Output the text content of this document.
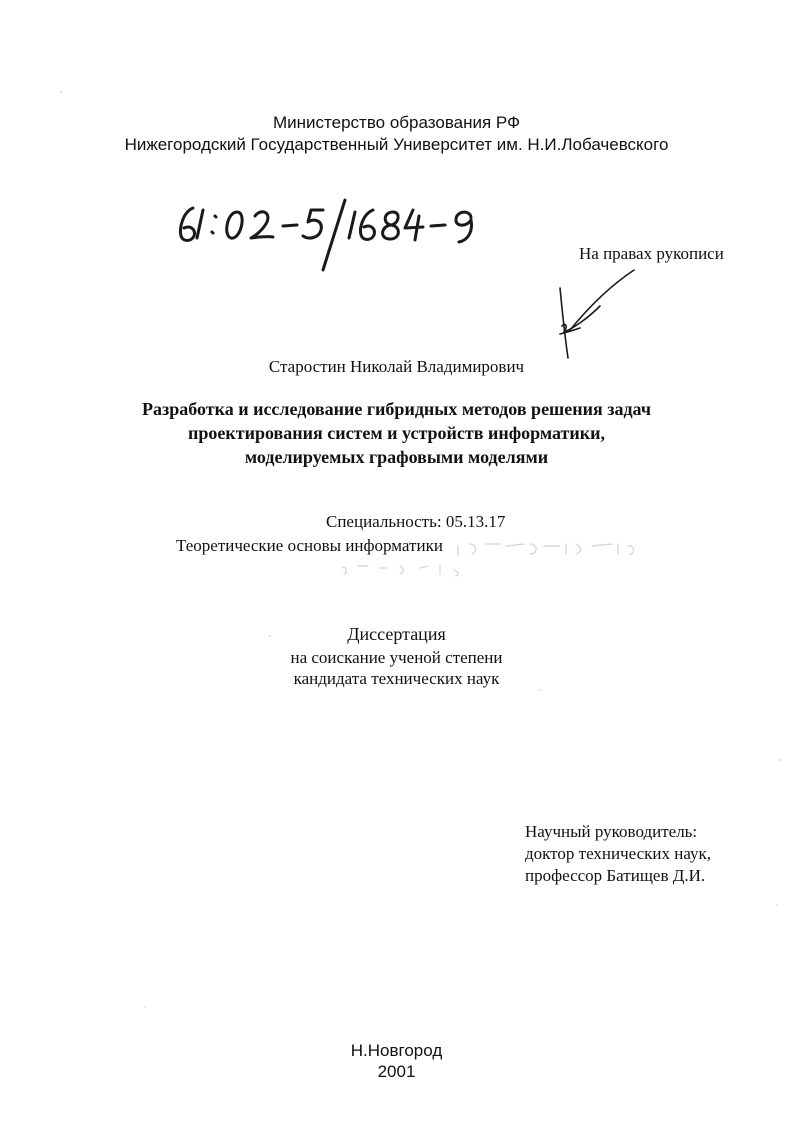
Министерство образования РФ
Нижегородский Государственный Университет им. Н.И.Лобачевского
На правах рукописи
Старостин Николай Владимирович
Разработка и исследование гибридных методов решения задач
проектирования систем и устройств информатики,
моделируемых графовыми моделями
Специальность: 05.13.17
Теоретические основы информатики
Диссертация
на соискание ученой степени
кандидата технических наук
Научный руководитель:
доктор технических наук,
профессор Батищев Д.И.
Н.Новгород
2001
